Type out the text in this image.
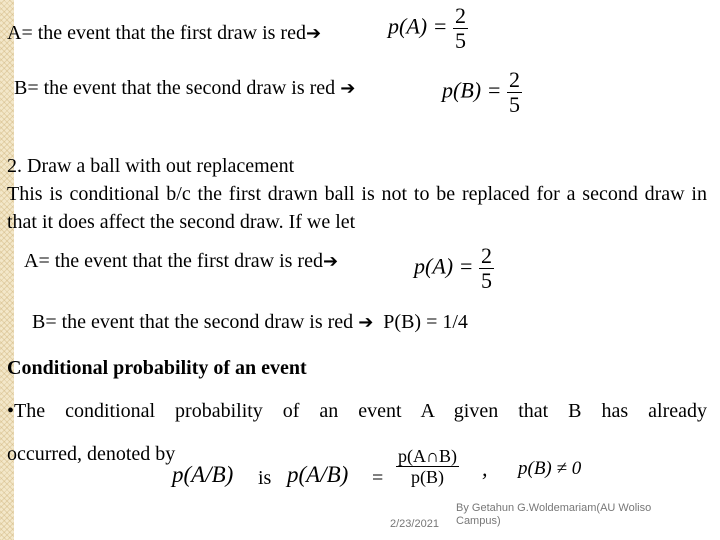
A= the event that the first draw is red➔	$p(A) = \frac{2}{5}$
B= the event that the second draw is red ➔	$p(B) = \frac{2}{5}$
2. Draw a ball with out replacement
This is conditional b/c the first drawn ball is not to be replaced for a second draw in that it does affect the second draw. If we let
A= the event that the first draw is red➔	$p(A) = \frac{2}{5}$
B= the event that the second draw is red ➔ P(B) = 1/4
Conditional probability of an event
•The conditional probability of an event A given that B has already
occurred, denoted by
p(A/B) is $p(A/B) = \frac{p(A\cap B)}{p(B)}$ , p(B) ≠ 0
2/23/2021
By Getahun G.Woldemariam(AU Woliso Campus)
